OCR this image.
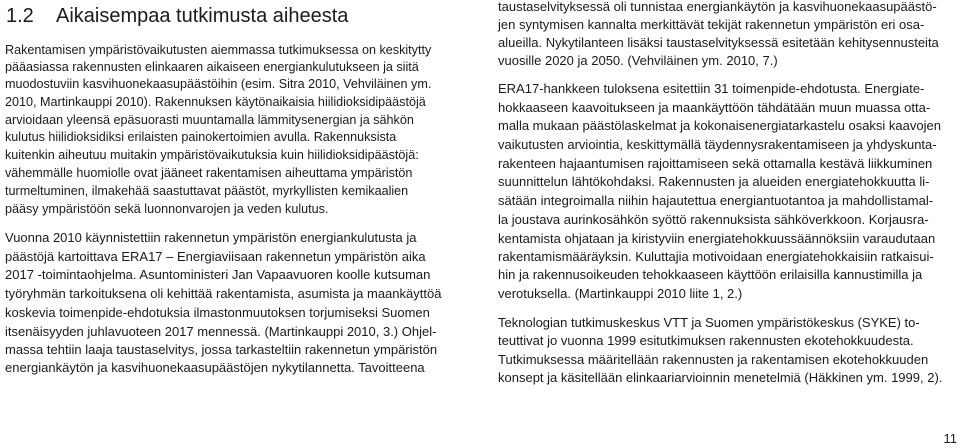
1.2 Aikaisempaa tutkimusta aiheesta
Rakentamisen ympäristövaikutusten aiemmassa tutkimuksessa on keskitytty
pääasiassa rakennusten elinkaaren aikaiseen energiankulutukseen ja siitä
muodostuviin kasvihuonekaasupäästöihin (esim. Sitra 2010, Vehviläinen ym.
2010, Martinkauppi 2010). Rakennuksen käytönaikaisia hiilidioksidipäästöjä
arvioidaan yleensä epäsuorasti muuntamalla lämmitysenergian ja sähkön
kulutus hiilidioksidiksi erilaisten painokertoimien avulla. Rakennuksista
kuitenkin aiheutuu muitakin ympäristövaikutuksia kuin hiilidioksidipäästöjä:
vähemmälle huomiolle ovat jääneet rakentamisen aiheuttama ympäristön
turmeltuminen, ilmakehää saastuttavat päästöt, myrkyllisten kemikaalien
pääsy ympäristöön sekä luonnonvarojen ja veden kulutus.
Vuonna 2010 käynnistettiin rakennetun ympäristön energiankulutusta ja
päästöjä kartoittava ERA17 – Energiaviisaan rakennetun ympäristön aika
2017 -toimintaohjelma. Asuntoministeri Jan Vapaavuoren koolle kutsuman
työryhmän tarkoituksena oli kehittää rakentamista, asumista ja maankäyttöä
koskevia toimenpide-ehdotuksia ilmastonmuutoksen torjumiseksi Suomen
itsenäisyyden juhlavuoteen 2017 mennessä. (Martinkauppi 2010, 3.) Ohjel-
massa tehtiin laaja taustaselvitys, jossa tarkasteltiin rakennetun ympäristön
energiankäytön ja kasvihuonekaasupäästöjen nykytilannetta. Tavoitteena
taustaselvityksessä oli tunnistaa energiankäytön ja kasvihuonekaasupäästö-
jen syntymisen kannalta merkittävät tekijät rakennetun ympäristön eri osa-
alueilla. Nykytilanteen lisäksi taustaselvityksessä esitetään kehitysennusteita
vuosille 2020 ja 2050. (Vehviläinen ym. 2010, 7.)
ERA17-hankkeen tuloksena esitettiin 31 toimenpide-ehdotusta. Energiate-
hokkaaseen kaavoitukseen ja maankäyttöön tähdätään muun muassa otta-
malla mukaan päästölaskelmat ja kokonaisenergiatarkastelu osaksi kaavojen
vaikutusten arviointia, keskittymällä täydennysrakentamiseen ja yhdyskunta-
rakenteen hajaantumisen rajoittamiseen sekä ottamalla kestävä liikkuminen
suunnittelun lähtökohdaksi. Rakennusten ja alueiden energiatehokkuutta li-
sätään integroimalla niihin hajautettua energiantuotantoa ja mahdollistamal-
la joustava aurinkosähkön syöttö rakennuksista sähköverkkoon. Korjausra-
kentamista ohjataan ja kiristyviin energiatehokkuussäännöksiin varaudutaan
rakentamismääräyksin. Kuluttajia motivoidaan energiatehokkaisiin ratkaisui-
hin ja rakennusoikeuden tehokkaaseen käyttöön erilaisilla kannustimilla ja
verotuksella. (Martinkauppi 2010 liite 1, 2.)
Teknologian tutkimuskeskus VTT ja Suomen ympäristökeskus (SYKE) to-
teuttivat jo vuonna 1999 esitutkimuksen rakennusten ekotehokkuudesta.
Tutkimuksessa määritellään rakennusten ja rakentamisen ekotehokkuuden
konsept ja käsitellään elinkaariarvioinnin menetelmiä (Häkkinen ym. 1999, 2).
11
